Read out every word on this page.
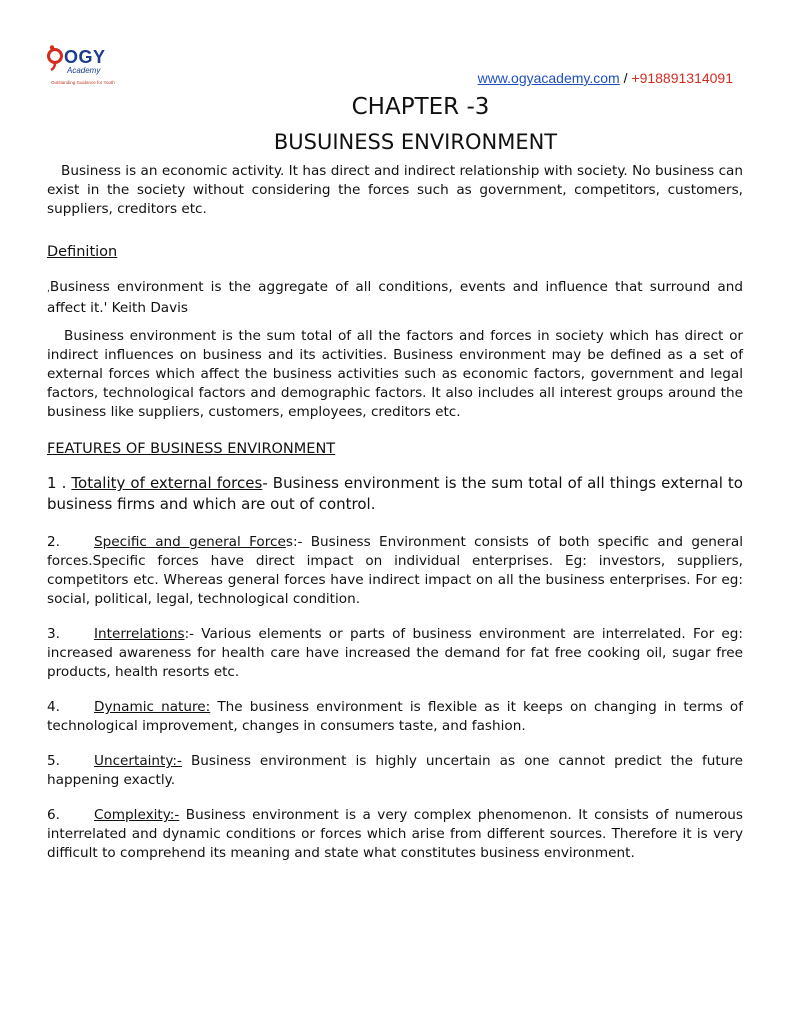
OGY
Academy
Outstanding Guidance for Youth	www.ogyacademy.com / +918891314091
CHAPTER -3
BUSUINESS ENVIRONMENT

Business is an economic activity. It has direct and indirect relationship with society. No business can exist in the society without considering the forces such as government, competitors, customers, suppliers, creditors etc.

Definition

‚Business environment is the aggregate of all conditions, events and influence that surround and affect it.' Keith Davis

Business environment is the sum total of all the factors and forces in society which has direct or indirect influences on business and its activities. Business environment may be defined as a set of external forces which affect the business activities such as economic factors, government and legal factors, technological factors and demographic factors. It also includes all interest groups around the business like suppliers, customers, employees, creditors etc.

FEATURES OF BUSINESS ENVIRONMENT

1 . Totality of external forces- Business environment is the sum total of all things external to business firms and which are out of control.

2.	Specific and general Forces:- Business Environment consists of both specific and general forces.Specific forces have direct impact on individual enterprises. Eg: investors, suppliers, competitors etc. Whereas general forces have indirect impact on all the business enterprises. For eg: social, political, legal, technological condition.

3.	Interrelations:- Various elements or parts of business environment are interrelated. For eg: increased awareness for health care have increased the demand for fat free cooking oil, sugar free products, health resorts etc.

4.	Dynamic nature: The business environment is flexible as it keeps on changing in terms of technological improvement, changes in consumers taste, and fashion.

5.	Uncertainty:- Business environment is highly uncertain as one cannot predict the future happening exactly.

6.	Complexity:- Business environment is a very complex phenomenon. It consists of numerous interrelated and dynamic conditions or forces which arise from different sources. Therefore it is very difficult to comprehend its meaning and state what constitutes business environment.
